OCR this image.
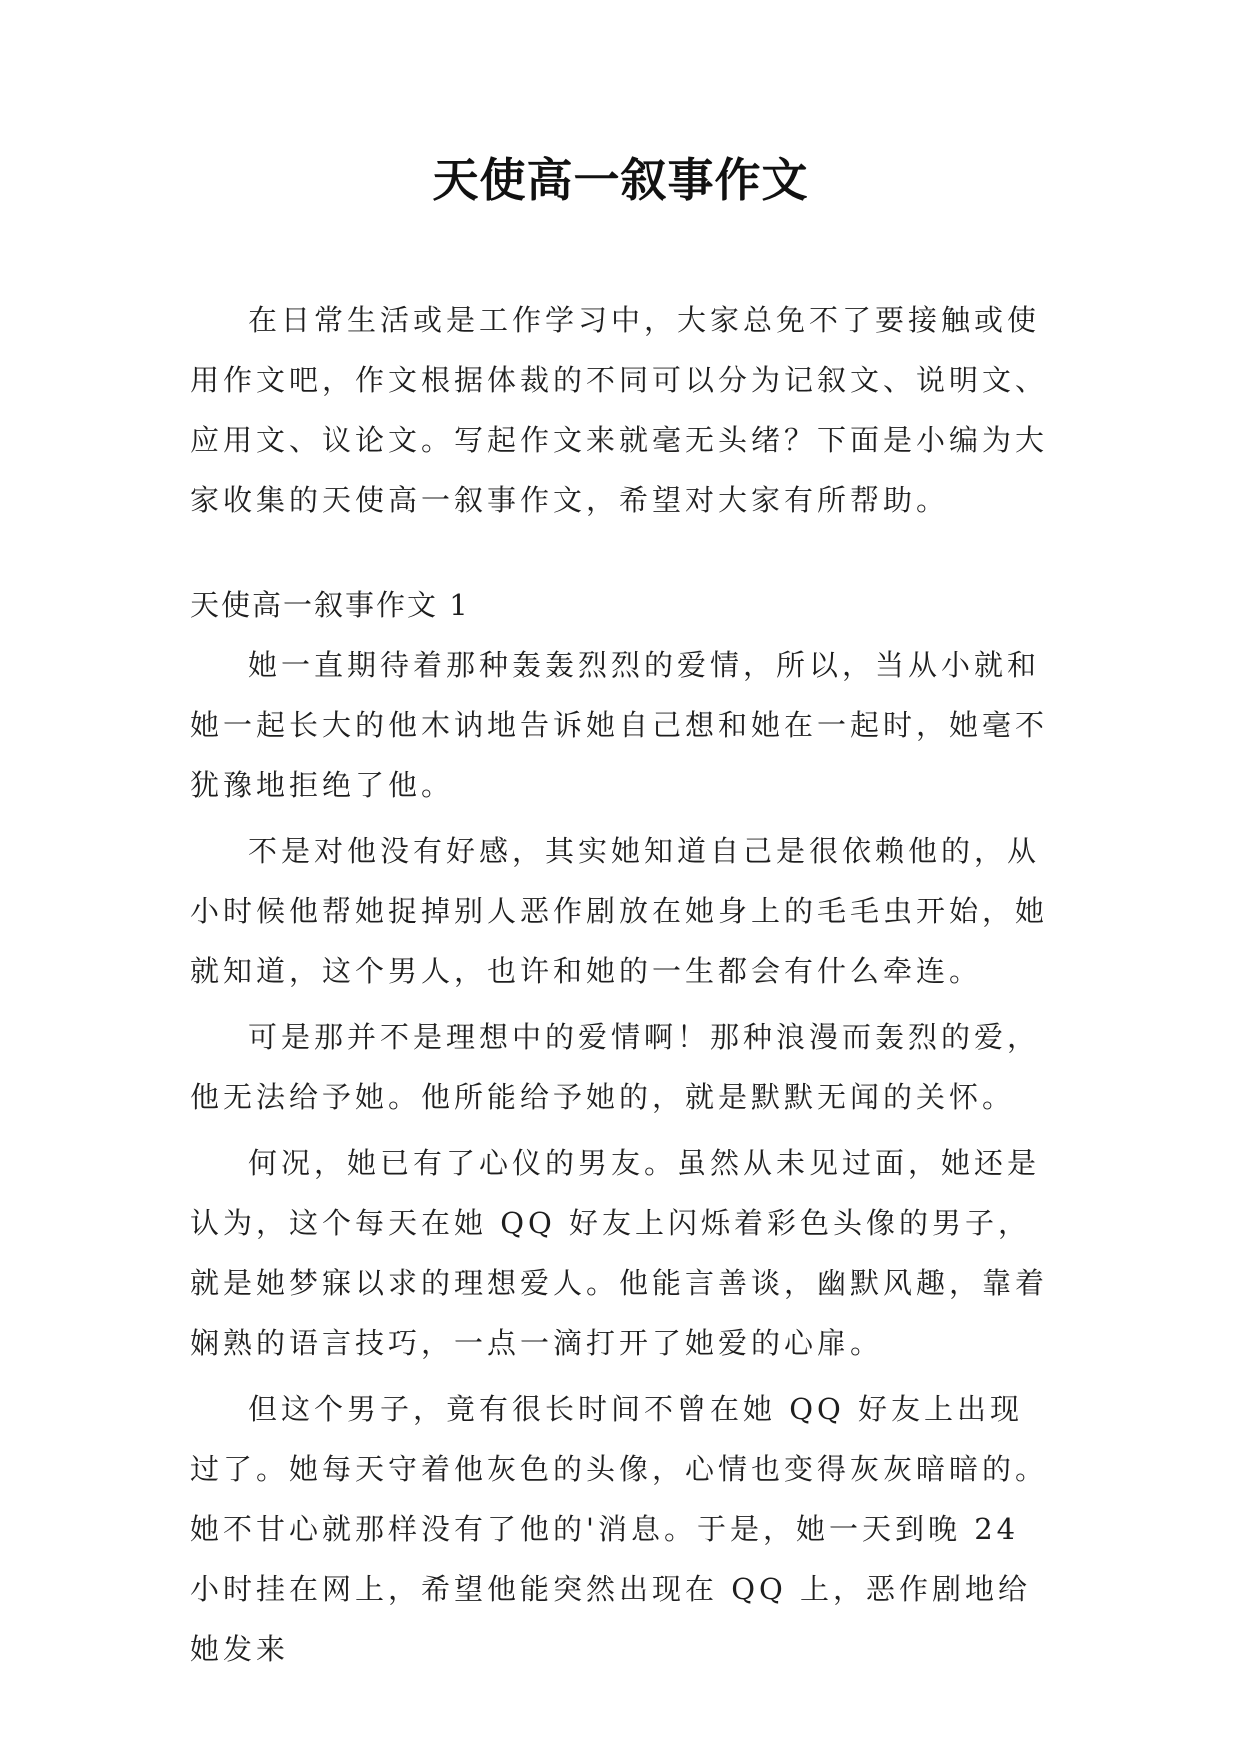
天使高一叙事作文

在日常生活或是工作学习中，大家总免不了要接触或使用作文吧，作文根据体裁的不同可以分为记叙文、说明文、应用文、议论文。写起作文来就毫无头绪？下面是小编为大家收集的天使高一叙事作文，希望对大家有所帮助。

天使高一叙事作文 1

她一直期待着那种轰轰烈烈的爱情，所以，当从小就和她一起长大的他木讷地告诉她自己想和她在一起时，她毫不犹豫地拒绝了他。

不是对他没有好感，其实她知道自己是很依赖他的，从小时候他帮她捉掉别人恶作剧放在她身上的毛毛虫开始，她就知道，这个男人，也许和她的一生都会有什么牵连。

可是那并不是理想中的爱情啊！那种浪漫而轰烈的爱，他无法给予她。他所能给予她的，就是默默无闻的关怀。

何况，她已有了心仪的男友。虽然从未见过面，她还是认为，这个每天在她 QQ 好友上闪烁着彩色头像的男子，就是她梦寐以求的理想爱人。他能言善谈，幽默风趣，靠着娴熟的语言技巧，一点一滴打开了她爱的心扉。

但这个男子，竟有很长时间不曾在她 QQ 好友上出现过了。她每天守着他灰色的头像，心情也变得灰灰暗暗的。她不甘心就那样没有了他的'消息。于是，她一天到晚 24 小时挂在网上，希望他能突然出现在 QQ 上，恶作剧地给她发来
